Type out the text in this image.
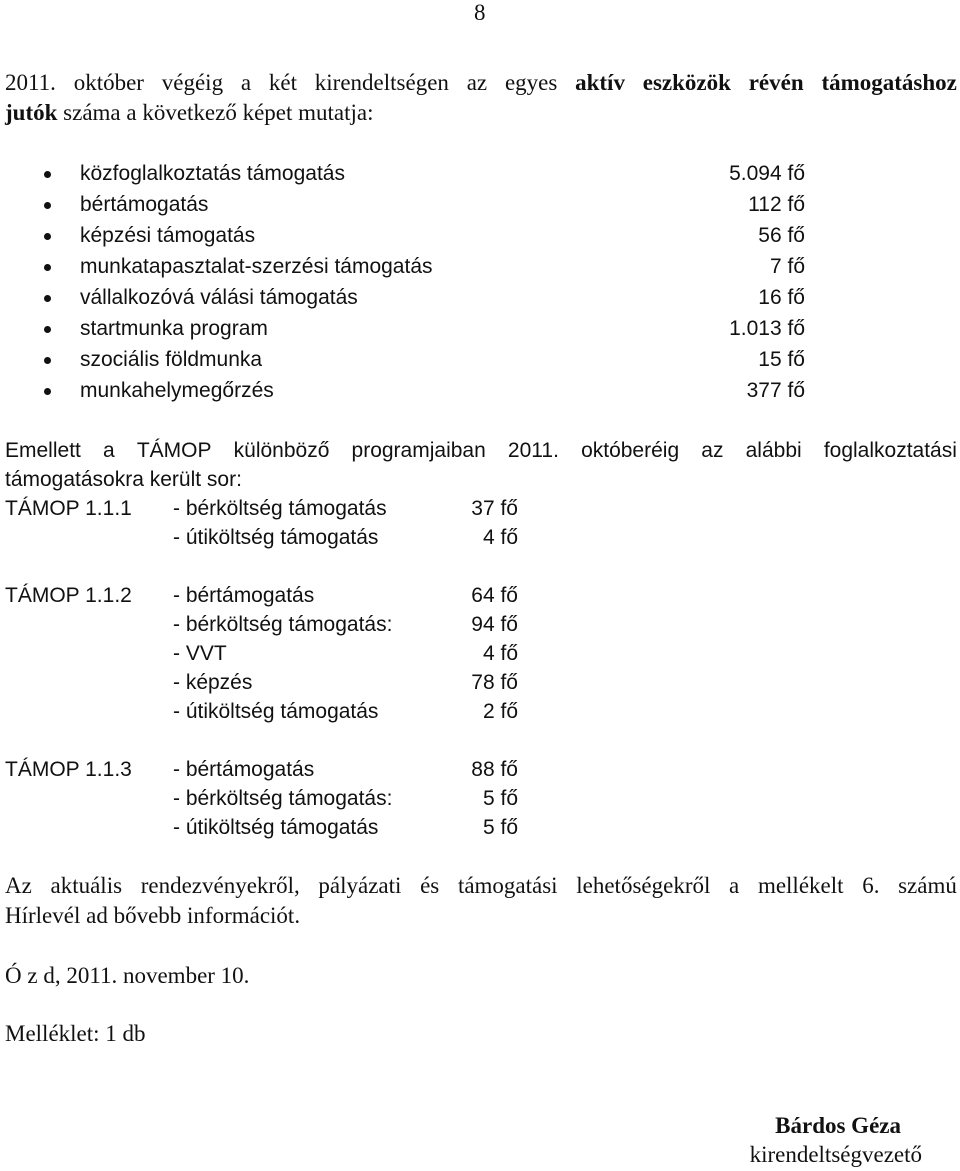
8
2011. október végéig a két kirendeltségen az egyes aktív eszközök révén támogatáshoz
jutók száma a következő képet mutatja:
közfoglalkoztatás támogatás	5.094 fő
bértámogatás	112 fő
képzési támogatás	56 fő
munkatapasztalat-szerzési támogatás	7 fő
vállalkozóvá válási támogatás	16 fő
startmunka program	1.013 fő
szociális földmunka	15 fő
munkahelymegőrzés	377 fő
Emellett a TÁMOP különböző programjaiban 2011. októberéig az alábbi foglalkoztatási
támogatásokra került sor:
TÁMOP 1.1.1 - bérköltség támogatás	37 fő
- útiköltség támogatás	4 fő
TÁMOP 1.1.2 - bértámogatás	64 fő
- bérköltség támogatás:	94 fő
- VVT	4 fő
- képzés	78 fő
- útiköltség támogatás	2 fő
TÁMOP 1.1.3 - bértámogatás	88 fő
- bérköltség támogatás:	5 fő
- útiköltség támogatás	5 fő
Az aktuális rendezvényekről, pályázati és támogatási lehetőségekről a mellékelt 6. számú
Hírlevél ad bővebb információt.
Ó z d, 2011. november 10.
Melléklet: 1 db
Bárdos Géza
kirendeltségvezető
